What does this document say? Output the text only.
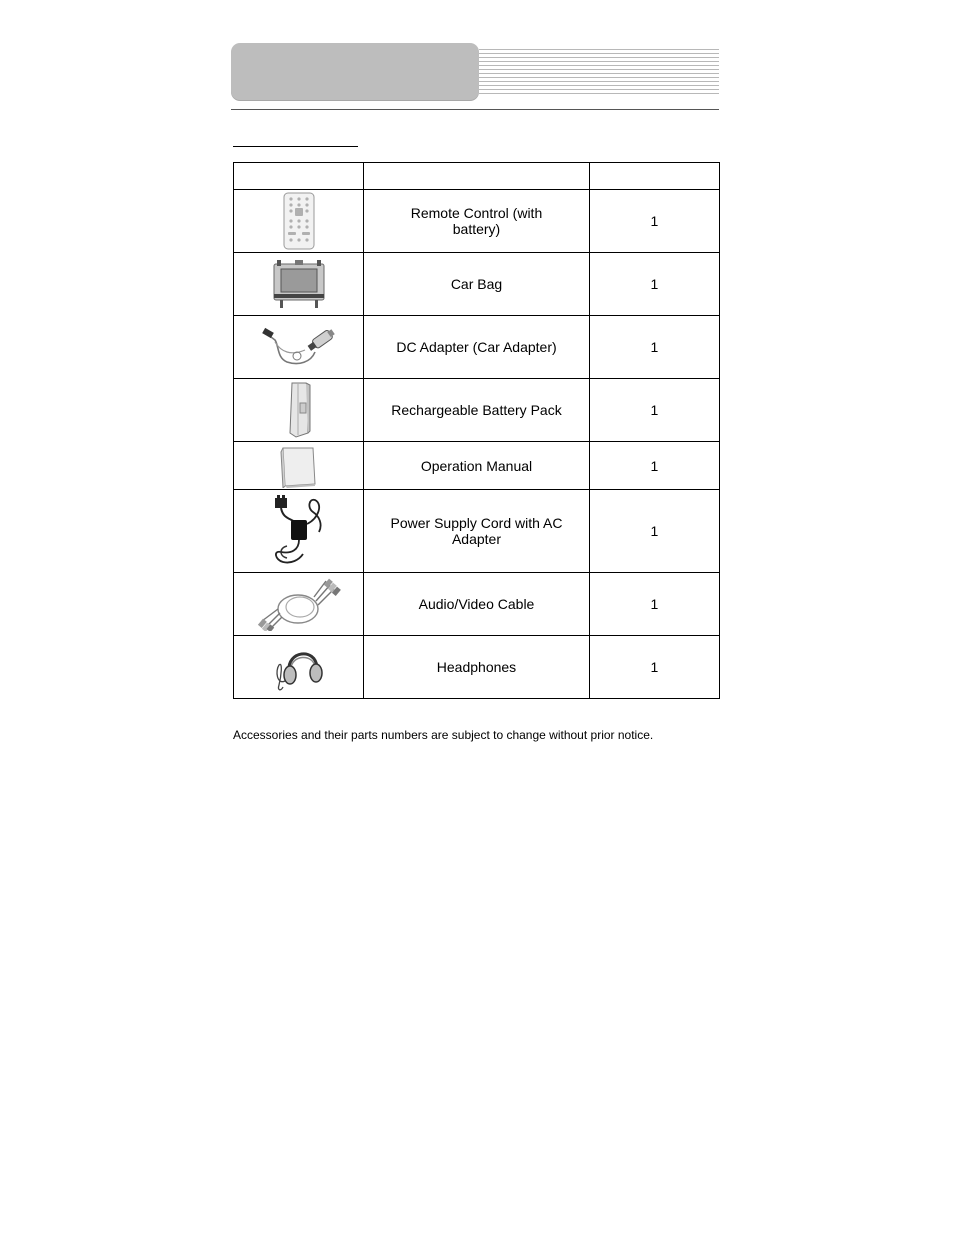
	Remote Control (with battery)	1

	Car Bag	1

	DC Adapter (Car Adapter)	1

	Rechargeable Battery Pack	1

	Operation Manual	1

	Power Supply Cord with AC Adapter	1

	Audio/Video Cable	1

	Headphones	1
Accessories and their parts numbers are subject to change without prior notice.
